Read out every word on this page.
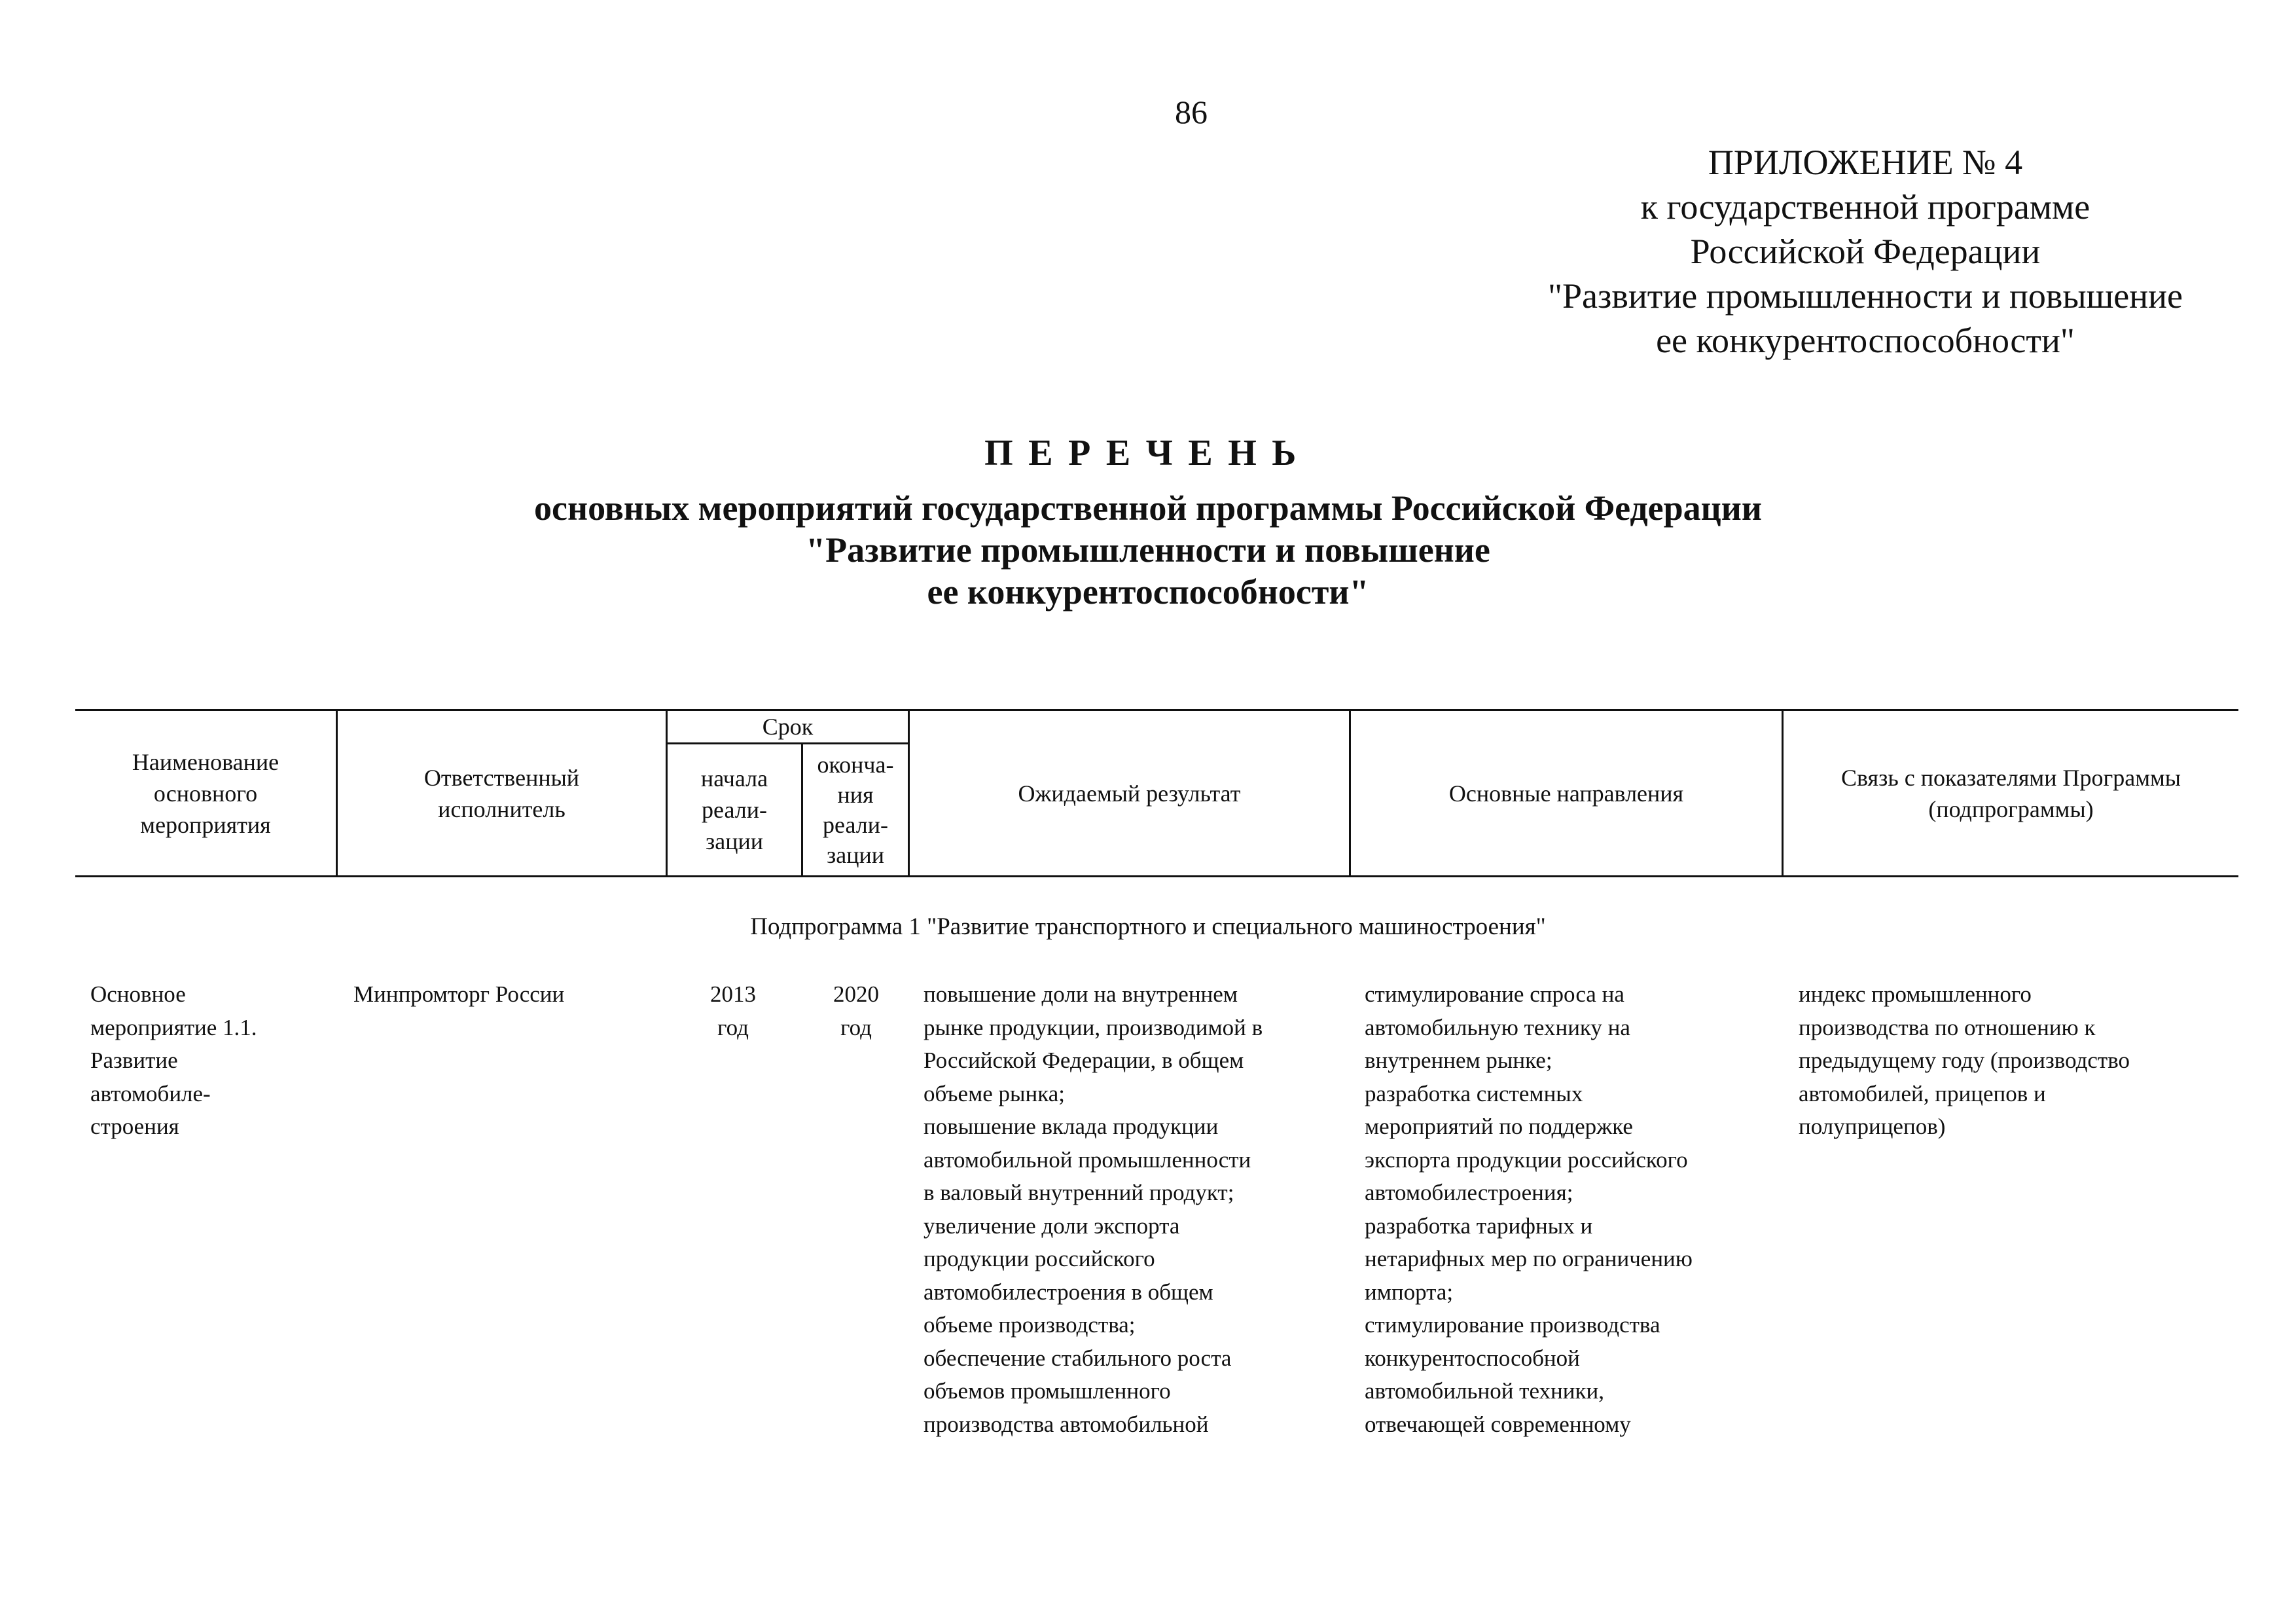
86
ПРИЛОЖЕНИЕ № 4
к государственной программе
Российской Федерации
"Развитие промышленности и повышение
ее конкурентоспособности"
ПЕРЕЧЕНЬ
основных мероприятий государственной программы Российской Федерации
"Развитие промышленности и повышение
ее конкурентоспособности"
Наименование
основного
мероприятия
Ответственный
исполнитель
Срок
начала
реали-
зации
оконча-
ния
реали-
зации
Ожидаемый результат	Основные направления
Связь с показателями Программы
(подпрограммы)
Подпрограмма 1 "Развитие транспортного и специального машиностроения"
Основное
мероприятие 1.1.
Развитие
автомобиле-
строения
Минпромторг России	2013
год
2020
год
повышение доли на внутреннем
рынке продукции, производимой в
Российской Федерации, в общем
объеме рынка;
повышение вклада продукции
автомобильной промышленности
в валовый внутренний продукт;
увеличение доли экспорта
продукции российского
автомобилестроения в общем
объеме производства;
обеспечение стабильного роста
объемов промышленного
производства автомобильной
стимулирование спроса на
автомобильную технику на
внутреннем рынке;
разработка системных
мероприятий по поддержке
экспорта продукции российского
автомобилестроения;
разработка тарифных и
нетарифных мер по ограничению
импорта;
стимулирование производства
конкурентоспособной
автомобильной техники,
отвечающей современному
индекс промышленного
производства по отношению к
предыдущему году (производство
автомобилей, прицепов и
полуприцепов)
